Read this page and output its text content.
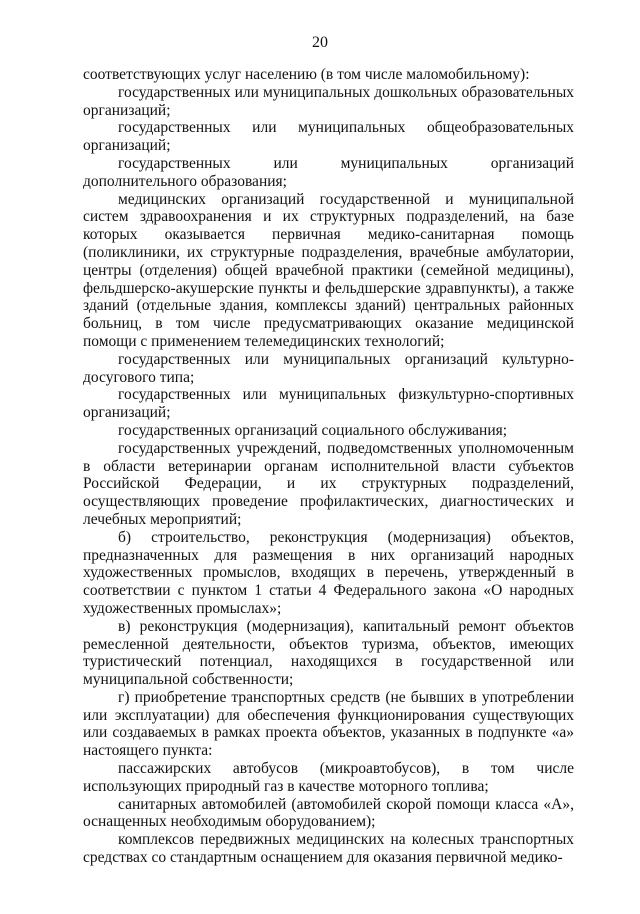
20

соответствующих услуг населению (в том числе маломобильному):

государственных или муниципальных дошкольных образовательных организаций;

государственных или муниципальных общеобразовательных организаций;

государственных или муниципальных организаций дополнительного образования;

медицинских организаций государственной и муниципальной систем здравоохранения и их структурных подразделений, на базе которых оказывается первичная медико-санитарная помощь (поликлиники, их структурные подразделения, врачебные амбулатории, центры (отделения) общей врачебной практики (семейной медицины), фельдшерско-акушерские пункты и фельдшерские здравпункты), а также зданий (отдельные здания, комплексы зданий) центральных районных больниц, в том числе предусматривающих оказание медицинской помощи с применением телемедицинских технологий;

государственных или муниципальных организаций культурно-досугового типа;

государственных или муниципальных физкультурно-спортивных организаций;

государственных организаций социального обслуживания;

государственных учреждений, подведомственных уполномоченным в области ветеринарии органам исполнительной власти субъектов Российской Федерации, и их структурных подразделений, осуществляющих проведение профилактических, диагностических и лечебных мероприятий;

б) строительство, реконструкция (модернизация) объектов, предназначенных для размещения в них организаций народных художественных промыслов, входящих в перечень, утвержденный в соответствии с пунктом 1 статьи 4 Федерального закона «О народных художественных промыслах»;

в) реконструкция (модернизация), капитальный ремонт объектов ремесленной деятельности, объектов туризма, объектов, имеющих туристический потенциал, находящихся в государственной или муниципальной собственности;

г) приобретение транспортных средств (не бывших в употреблении или эксплуатации) для обеспечения функционирования существующих или создаваемых в рамках проекта объектов, указанных в подпункте «а» настоящего пункта:

пассажирских автобусов (микроавтобусов), в том числе использующих природный газ в качестве моторного топлива;

санитарных автомобилей (автомобилей скорой помощи класса «А», оснащенных необходимым оборудованием);

комплексов передвижных медицинских на колесных транспортных средствах со стандартным оснащением для оказания первичной медико-
